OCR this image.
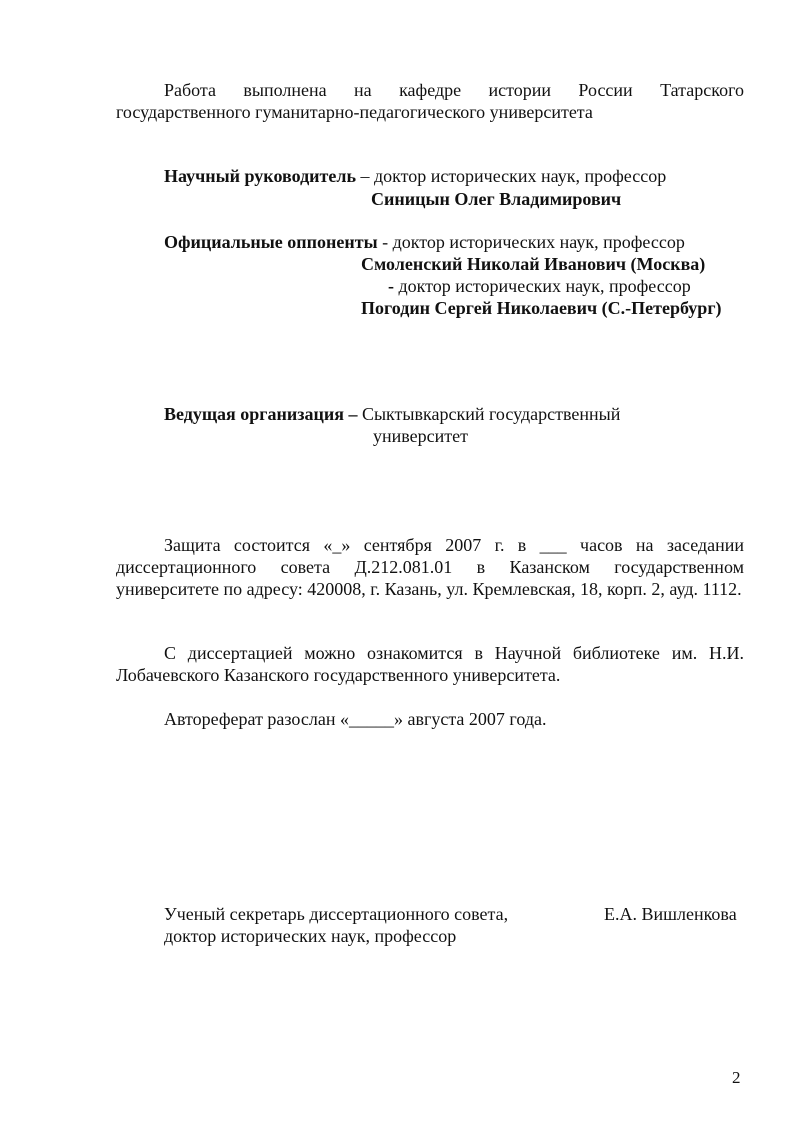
Работа выполнена на кафедре истории России Татарского государственного гуманитарно-педагогического университета
Научный руководитель – доктор исторических наук, профессор
Синицын Олег Владимирович
Официальные оппоненты - доктор исторических наук, профессор
Смоленский Николай Иванович (Москва)
- доктор исторических наук, профессор
Погодин Сергей Николаевич (С.-Петербург)
Ведущая организация – Сыктывкарский государственный
университет
Защита состоится «_» сентября 2007 г. в ___ часов на заседании диссертационного совета Д.212.081.01 в Казанском государственном университете по адресу: 420008, г. Казань, ул. Кремлевская, 18, корп. 2, ауд. 1112.
С диссертацией можно ознакомится в Научной библиотеке им. Н.И. Лобачевского Казанского государственного университета.
Автореферат разослан «_____» августа 2007 года.
Ученый секретарь диссертационного совета,	Е.А. Вишленкова
доктор исторических наук, профессор
2
